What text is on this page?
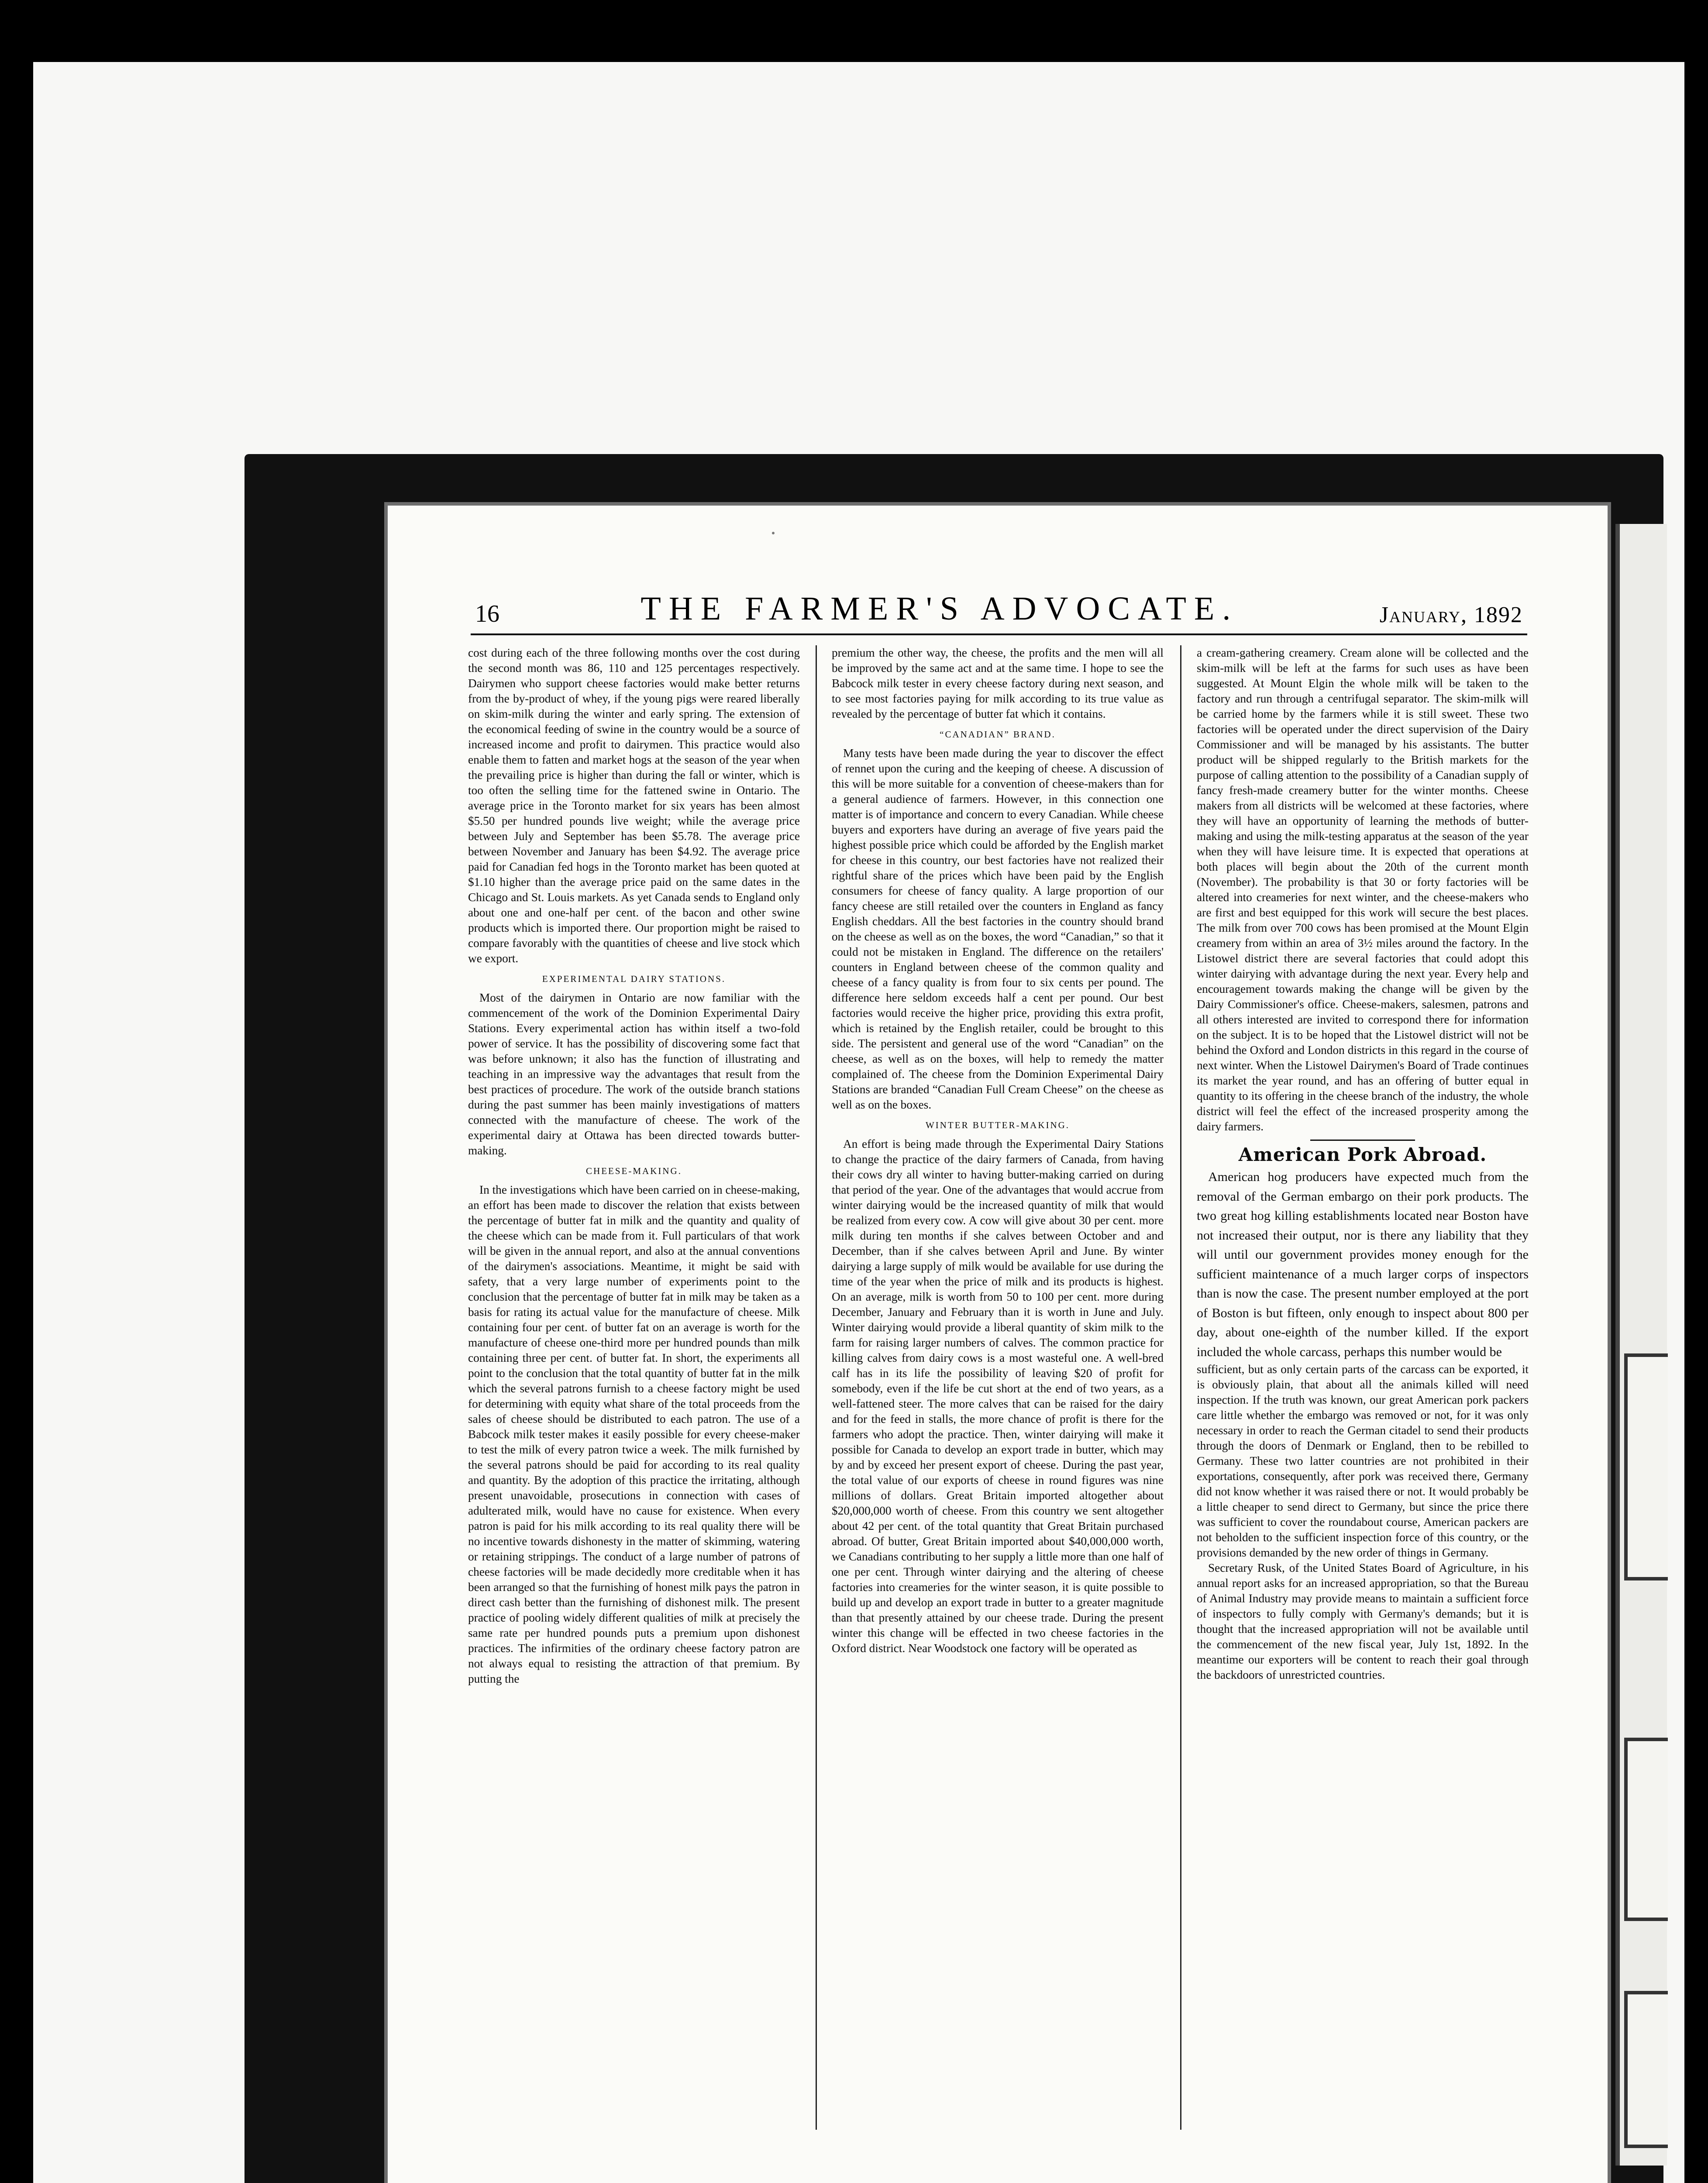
16	THE FARMER'S ADVOCATE.	January, 1892

cost during each of the three following months over the cost during the second month was 86, 110 and 125 percentages respectively. Dairymen who support cheese factories would make better returns from the by-product of whey, if the young pigs were reared liberally on skim-milk during the winter and early spring. The extension of the economical feeding of swine in the country would be a source of increased income and profit to dairymen. This practice would also enable them to fatten and market hogs at the season of the year when the prevailing price is higher than during the fall or winter, which is too often the selling time for the fattened swine in Ontario. The average price in the Toronto market for six years has been almost $5.50 per hundred pounds live weight; while the average price between July and September has been $5.78. The average price between November and January has been $4.92. The average price paid for Canadian fed hogs in the Toronto market has been quoted at $1.10 higher than the average price paid on the same dates in the Chicago and St. Louis markets. As yet Canada sends to England only about one and one-half per cent. of the bacon and other swine products which is imported there. Our proportion might be raised to compare favorably with the quantities of cheese and live stock which we export.

EXPERIMENTAL DAIRY STATIONS.

Most of the dairymen in Ontario are now familiar with the commencement of the work of the Dominion Experimental Dairy Stations. Every experimental action has within itself a two-fold power of service. It has the possibility of discovering some fact that was before unknown; it also has the function of illustrating and teaching in an impressive way the advantages that result from the best practices of procedure. The work of the outside branch stations during the past summer has been mainly investigations of matters connected with the manufacture of cheese. The work of the experimental dairy at Ottawa has been directed towards butter-making.

CHEESE-MAKING.

In the investigations which have been carried on in cheese-making, an effort has been made to discover the relation that exists between the percentage of butter fat in milk and the quantity and quality of the cheese which can be made from it. Full particulars of that work will be given in the annual report, and also at the annual conventions of the dairymen's associations. Meantime, it might be said with safety, that a very large number of experiments point to the conclusion that the percentage of butter fat in milk may be taken as a basis for rating its actual value for the manufacture of cheese. Milk containing four per cent. of butter fat on an average is worth for the manufacture of cheese one-third more per hundred pounds than milk containing three per cent. of butter fat. In short, the experiments all point to the conclusion that the total quantity of butter fat in the milk which the several patrons furnish to a cheese factory might be used for determining with equity what share of the total proceeds from the sales of cheese should be distributed to each patron. The use of a Babcock milk tester makes it easily possible for every cheese-maker to test the milk of every patron twice a week. The milk furnished by the several patrons should be paid for according to its real quality and quantity. By the adoption of this practice the irritating, although present unavoidable, prosecutions in connection with cases of adulterated milk, would have no cause for existence. When every patron is paid for his milk according to its real quality there will be no incentive towards dishonesty in the matter of skimming, watering or retaining strippings. The conduct of a large number of patrons of cheese factories will be made decidedly more creditable when it has been arranged so that the furnishing of honest milk pays the patron in direct cash better than the furnishing of dishonest milk. The present practice of pooling widely different qualities of milk at precisely the same rate per hundred pounds puts a premium upon dishonest practices. The infirmities of the ordinary cheese factory patron are not always equal to resisting the attraction of that premium. By putting the

premium the other way, the cheese, the profits and the men will all be improved by the same act and at the same time. I hope to see the Babcock milk tester in every cheese factory during next season, and to see most factories paying for milk according to its true value as revealed by the percentage of butter fat which it contains.

“CANADIAN” BRAND.

Many tests have been made during the year to discover the effect of rennet upon the curing and the keeping of cheese. A discussion of this will be more suitable for a convention of cheese-makers than for a general audience of farmers. However, in this connection one matter is of importance and concern to every Canadian. While cheese buyers and exporters have during an average of five years paid the highest possible price which could be afforded by the English market for cheese in this country, our best factories have not realized their rightful share of the prices which have been paid by the English consumers for cheese of fancy quality. A large proportion of our fancy cheese are still retailed over the counters in England as fancy English cheddars. All the best factories in the country should brand on the cheese as well as on the boxes, the word “Canadian,” so that it could not be mistaken in England. The difference on the retailers' counters in England between cheese of the common quality and cheese of a fancy quality is from four to six cents per pound. The difference here seldom exceeds half a cent per pound. Our best factories would receive the higher price, providing this extra profit, which is retained by the English retailer, could be brought to this side. The persistent and general use of the word “Canadian” on the cheese, as well as on the boxes, will help to remedy the matter complained of. The cheese from the Dominion Experimental Dairy Stations are branded “Canadian Full Cream Cheese” on the cheese as well as on the boxes.

WINTER BUTTER-MAKING.

An effort is being made through the Experimental Dairy Stations to change the practice of the dairy farmers of Canada, from having their cows dry all winter to having butter-making carried on during that period of the year. One of the advantages that would accrue from winter dairying would be the increased quantity of milk that would be realized from every cow. A cow will give about 30 per cent. more milk during ten months if she calves between October and and December, than if she calves between April and June. By winter dairying a large supply of milk would be available for use during the time of the year when the price of milk and its products is highest. On an average, milk is worth from 50 to 100 per cent. more during December, January and February than it is worth in June and July. Winter dairying would provide a liberal quantity of skim milk to the farm for raising larger numbers of calves. The common practice for killing calves from dairy cows is a most wasteful one. A well-bred calf has in its life the possibility of leaving $20 of profit for somebody, even if the life be cut short at the end of two years, as a well-fattened steer. The more calves that can be raised for the dairy and for the feed in stalls, the more chance of profit is there for the farmers who adopt the practice. Then, winter dairying will make it possible for Canada to develop an export trade in butter, which may by and by exceed her present export of cheese. During the past year, the total value of our exports of cheese in round figures was nine millions of dollars. Great Britain imported altogether about $20,000,000 worth of cheese. From this country we sent altogether about 42 per cent. of the total quantity that Great Britain purchased abroad. Of butter, Great Britain imported about $40,000,000 worth, we Canadians contributing to her supply a little more than one half of one per cent. Through winter dairying and the altering of cheese factories into creameries for the winter season, it is quite possible to build up and develop an export trade in butter to a greater magnitude than that presently attained by our cheese trade. During the present winter this change will be effected in two cheese factories in the Oxford district. Near Woodstock one factory will be operated as

a cream-gathering creamery. Cream alone will be collected and the skim-milk will be left at the farms for such uses as have been suggested. At Mount Elgin the whole milk will be taken to the factory and run through a centrifugal separator. The skim-milk will be carried home by the farmers while it is still sweet. These two factories will be operated under the direct supervision of the Dairy Commissioner and will be managed by his assistants. The butter product will be shipped regularly to the British markets for the purpose of calling attention to the possibility of a Canadian supply of fancy fresh-made creamery butter for the winter months. Cheese makers from all districts will be welcomed at these factories, where they will have an opportunity of learning the methods of butter-making and using the milk-testing apparatus at the season of the year when they will have leisure time. It is expected that operations at both places will begin about the 20th of the current month (November). The probability is that 30 or forty factories will be altered into creameries for next winter, and the cheese-makers who are first and best equipped for this work will secure the best places. The milk from over 700 cows has been promised at the Mount Elgin creamery from within an area of 3½ miles around the factory. In the Listowel district there are several factories that could adopt this winter dairying with advantage during the next year. Every help and encouragement towards making the change will be given by the Dairy Commissioner's office. Cheese-makers, salesmen, patrons and all others interested are invited to correspond there for information on the subject. It is to be hoped that the Listowel district will not be behind the Oxford and London districts in this regard in the course of next winter. When the Listowel Dairymen's Board of Trade continues its market the year round, and has an offering of butter equal in quantity to its offering in the cheese branch of the industry, the whole district will feel the effect of the increased prosperity among the dairy farmers.

American Pork Abroad.

American hog producers have expected much from the removal of the German embargo on their pork products. The two great hog killing establishments located near Boston have not increased their output, nor is there any liability that they will until our government provides money enough for the sufficient maintenance of a much larger corps of inspectors than is now the case. The present number employed at the port of Boston is but fifteen, only enough to inspect about 800 per day, about one-eighth of the number killed. If the export included the whole carcass, perhaps this number would be

sufficient, but as only certain parts of the carcass can be exported, it is obviously plain, that about all the animals killed will need inspection. If the truth was known, our great American pork packers care little whether the embargo was removed or not, for it was only necessary in order to reach the German citadel to send their products through the doors of Denmark or England, then to be rebilled to Germany. These two latter countries are not prohibited in their exportations, consequently, after pork was received there, Germany did not know whether it was raised there or not. It would probably be a little cheaper to send direct to Germany, but since the price there was sufficient to cover the roundabout course, American packers are not beholden to the sufficient inspection force of this country, or the provisions demanded by the new order of things in Germany.

Secretary Rusk, of the United States Board of Agriculture, in his annual report asks for an increased appropriation, so that the Bureau of Animal Industry may provide means to maintain a sufficient force of inspectors to fully comply with Germany's demands; but it is thought that the increased appropriation will not be available until the commencement of the new fiscal year, July 1st, 1892. In the meantime our exporters will be content to reach their goal through the backdoors of unrestricted countries.
